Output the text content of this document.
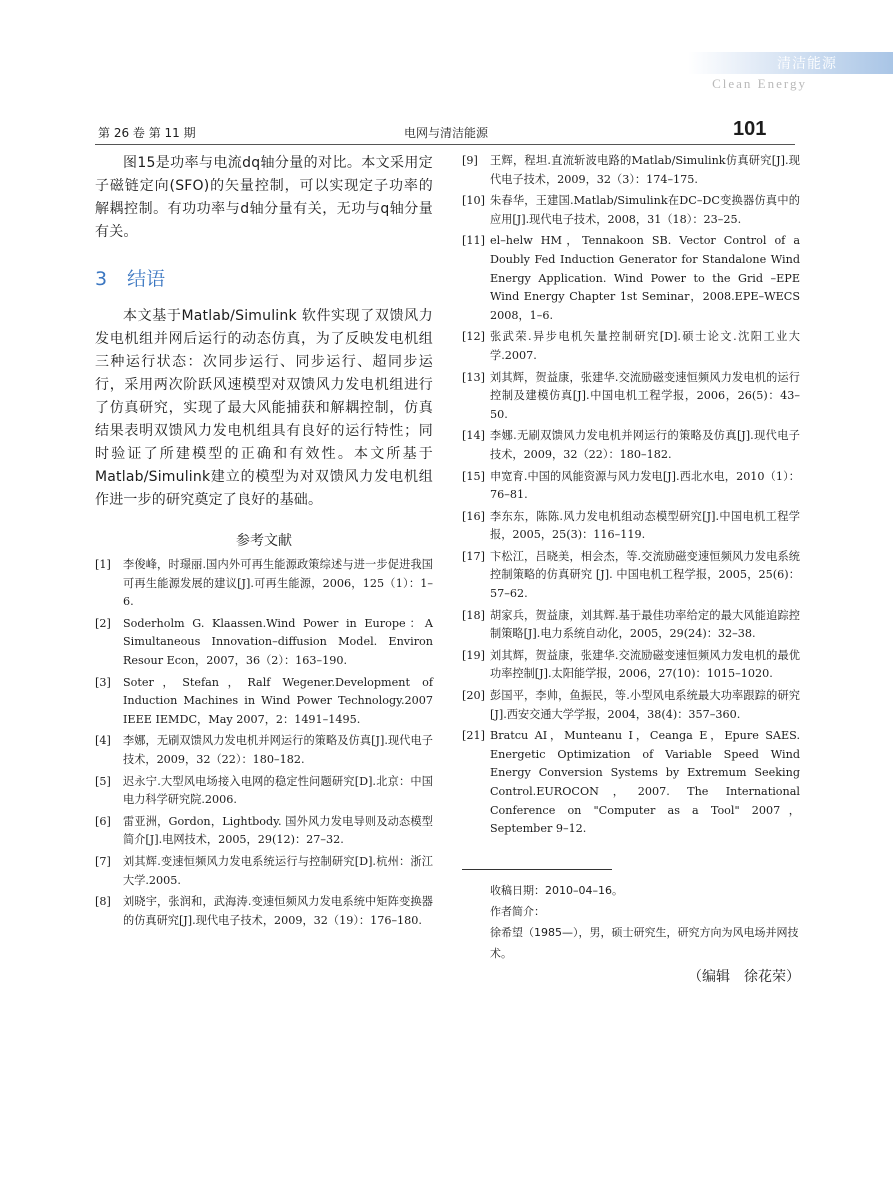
清洁能源
Clean Energy
第 26 卷 第 11 期	电网与清洁能源	101

图15是功率与电流dq轴分量的对比。本文采用定子磁链定向(SFO)的矢量控制，可以实现定子功率的解耦控制。有功功率与d轴分量有关，无功与q轴分量有关。

3 结语

本文基于Matlab/Simulink 软件实现了双馈风力发电机组并网后运行的动态仿真，为了反映发电机组三种运行状态：次同步运行、同步运行、超同步运行，采用两次阶跃风速模型对双馈风力发电机组进行了仿真研究，实现了最大风能捕获和解耦控制，仿真结果表明双馈风力发电机组具有良好的运行特性；同时验证了所建模型的正确和有效性。本文所基于Matlab/Simulink建立的模型为对双馈风力发电机组作进一步的研究奠定了良好的基础。

参考文献
[1]	李俊峰，时璟丽.国内外可再生能源政策综述与进一步促进我国可再生能源发展的建议[J].可再生能源，2006，125（1）：1–6.
[2]	Soderholm G. Klaassen.Wind Power in Europe：A Simultaneous Innovation–diffusion Model. Environ Resour Econ，2007，36（2）：163–190.
[3]	Soter，Stefan，Ralf Wegener.Development of Induction Machines in Wind Power Technology.2007 IEEE IEMDC，May 2007，2：1491–1495.
[4]	李娜，无刷双馈风力发电机并网运行的策略及仿真[J].现代电子技术，2009，32（22）：180–182.
[5]	迟永宁.大型风电场接入电网的稳定性问题研究[D].北京：中国电力科学研究院.2006.
[6]	雷亚洲，Gordon，Lightbody. 国外风力发电导则及动态模型简介[J].电网技术，2005，29(12)：27–32.
[7]	刘其辉.变速恒频风力发电系统运行与控制研究[D].杭州：浙江大学.2005.
[8]	刘晓宇，张润和，武海涛.变速恒频风力发电系统中矩阵变换器的仿真研究[J].现代电子技术，2009，32（19）：176–180.
[9]	王辉，程坦.直流斩波电路的Matlab/Simulink仿真研究[J].现代电子技术，2009，32（3）：174–175.
[10] 朱春华，王建国.Matlab/Simulink在DC–DC变换器仿真中的应用[J].现代电子技术，2008，31（18）：23–25.
[11] el–helw HM，Tennakoon SB. Vector Control of a Doubly Fed Induction Generator for Standalone Wind Energy Application. Wind Power to the Grid –EPE Wind Energy Chapter 1st Seminar，2008.EPE–WECS 2008，1–6.
[12] 张武荣.异步电机矢量控制研究[D].硕士论文.沈阳工业大学.2007.
[13] 刘其辉，贺益康，张建华.交流励磁变速恒频风力发电机的运行控制及建模仿真[J].中国电机工程学报，2006，26(5)：43–50.
[14] 李娜.无刷双馈风力发电机并网运行的策略及仿真[J].现代电子技术，2009，32（22）：180–182.
[15] 申宽育.中国的风能资源与风力发电[J].西北水电，2010（1）：76–81.
[16] 李东东，陈陈.风力发电机组动态模型研究[J].中国电机工程学报，2005，25(3)：116–119.
[17] 卞松江，吕晓美，相会杰，等.交流励磁变速恒频风力发电系统控制策略的仿真研究 [J]. 中国电机工程学报，2005，25(6)：57–62.
[18] 胡家兵，贺益康，刘其辉.基于最佳功率给定的最大风能追踪控制策略[J].电力系统自动化，2005，29(24)：32–38.
[19] 刘其辉，贺益康，张建华.交流励磁变速恒频风力发电机的最优功率控制[J].太阳能学报，2006，27(10)：1015–1020.
[20] 彭国平，李帅，鱼振民，等.小型风电系统最大功率跟踪的研究[J].西安交通大学学报，2004，38(4)：357–360.
[21] Bratcu AI，Munteanu I，Ceanga E，Epure SAES. Energetic Optimization of Variable Speed Wind Energy Conversion Systems by Extremum Seeking Control.EUROCON，2007. The International Conference on "Computer as a Tool" 2007，September 9–12.
收稿日期：2010–04–16。
作者简介：
徐希望（1985—），男，硕士研究生，研究方向为风电场并网技术。
（编辑　徐花荣）
